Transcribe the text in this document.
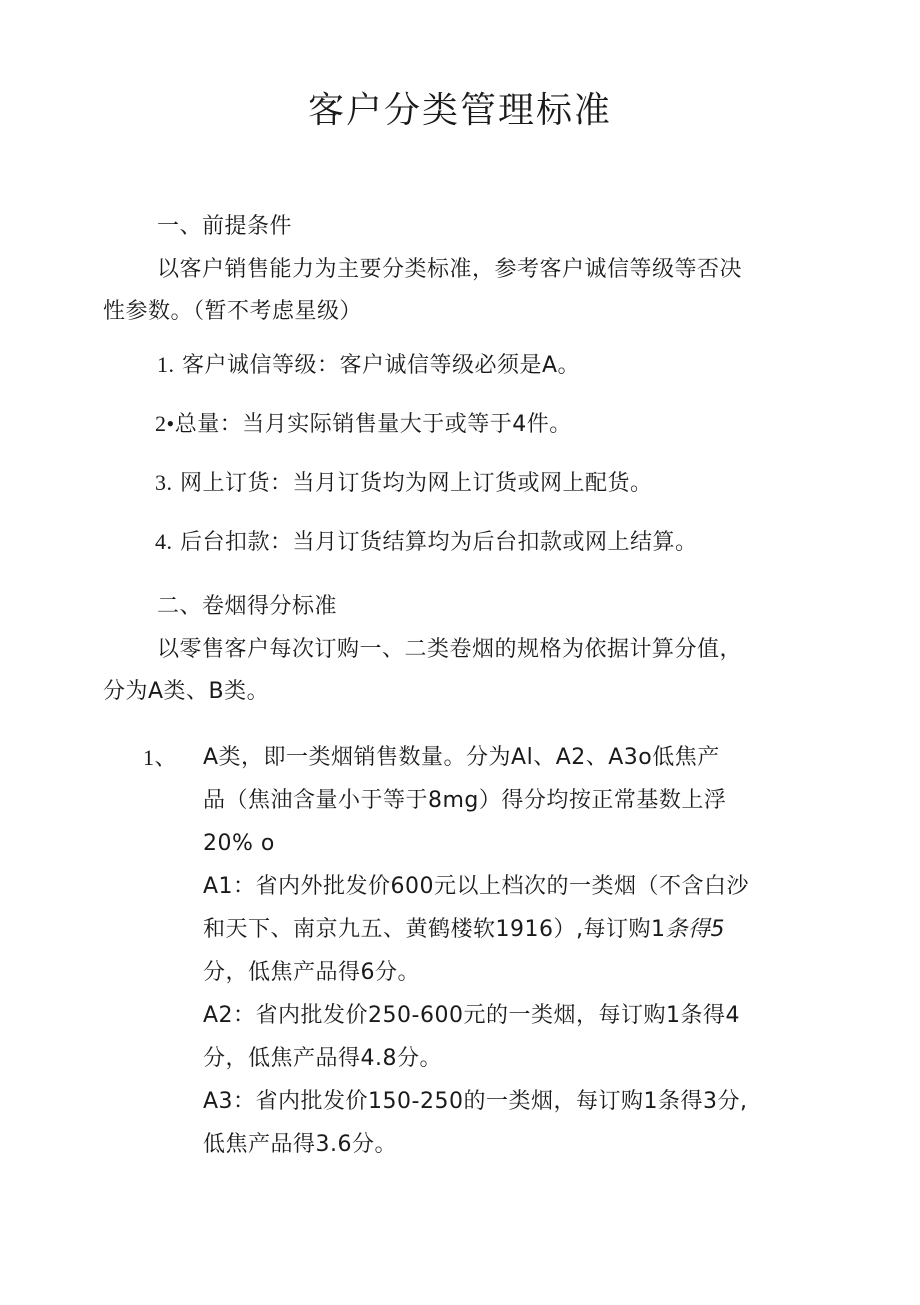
客户分类管理标准
一、前提条件
以客户销售能力为主要分类标准，参考客户诚信等级等否决
性参数。（暂不考虑星级）
1. 客户诚信等级：客户诚信等级必须是A。
2•总量：当月实际销售量大于或等于4件。
3. 网上订货：当月订货均为网上订货或网上配货。
4. 后台扣款：当月订货结算均为后台扣款或网上结算。
二、卷烟得分标准
以零售客户每次订购一、二类卷烟的规格为依据计算分值，
分为A类、B类。
1、 A类，即一类烟销售数量。分为Al、A2、A3o低焦产
品（焦油含量小于等于8mg）得分均按正常基数上浮
20% o
A1：省内外批发价600元以上档次的一类烟（不含白沙
和天下、南京九五、黄鹤楼软1916）,每订购1条得5
分，低焦产品得6分。
A2：省内批发价250-600元的一类烟，每订购1条得4
分，低焦产品得4.8分。
A3：省内批发价150-250的一类烟，每订购1条得3分,
低焦产品得3.6分。
